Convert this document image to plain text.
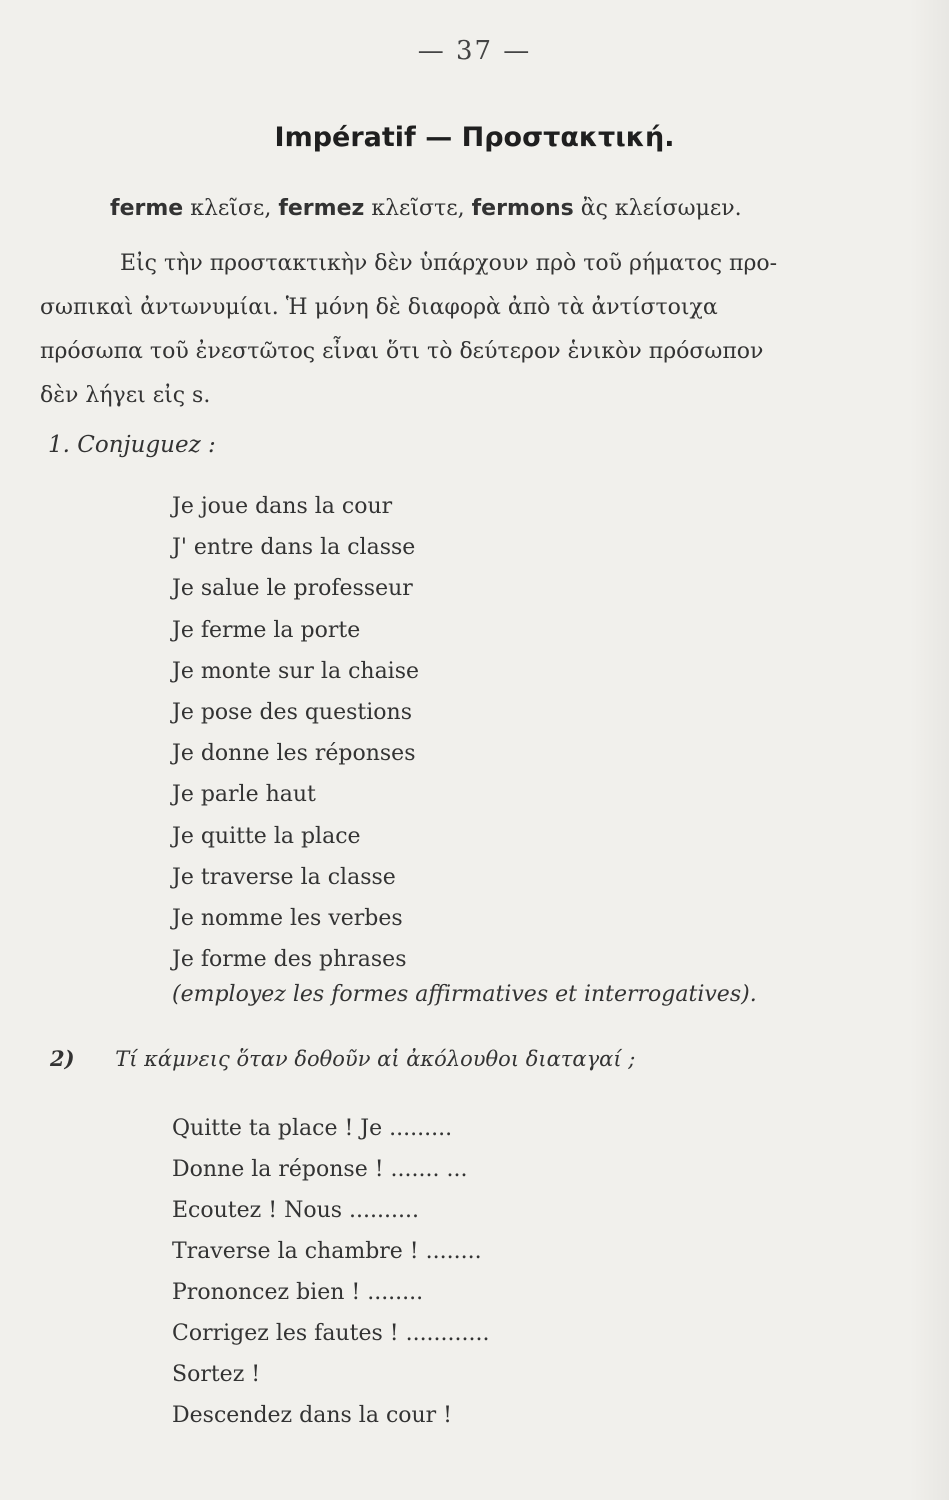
— 37 —
Impératif — Προστακτική.
ferme κλεῖσε, fermez κλεῖστε, fermons ἂς κλείσωμεν.
Εἰς τὴν προστακτικὴν δὲν ὑπάρχουν πρὸ τοῦ ρήματος προ-
σωπικαὶ ἀντωνυμίαι. Ἡ μόνη δὲ διαφορὰ ἀπὸ τὰ ἀντίστοιχα
πρόσωπα τοῦ ἐνεστῶτος εἶναι ὅτι τὸ δεύτερον ἑνικὸν πρόσωπον
δὲν λήγει εἰς s.
1. Conjuguez :
Je joue dans la cour
J' entre dans la classe
Je salue le professeur
Je ferme la porte
Je monte sur la chaise
Je pose des questions
Je donne les réponses
Je parle haut
Je quitte la place
Je traverse la classe
Je nomme les verbes
Je forme des phrases
(employez les formes affirmatives et interrogatives).
2) Τί κάμνεις ὅταν δοθοῦν αἱ ἀκόλουθοι διαταγαί ;
Quitte ta place ! Je .........
Donne la réponse ! ....... ...
Ecoutez ! Nous ..........
Traverse la chambre ! ........
Prononcez bien ! ........
Corrigez les fautes ! ............
Sortez !
Descendez dans la cour !
